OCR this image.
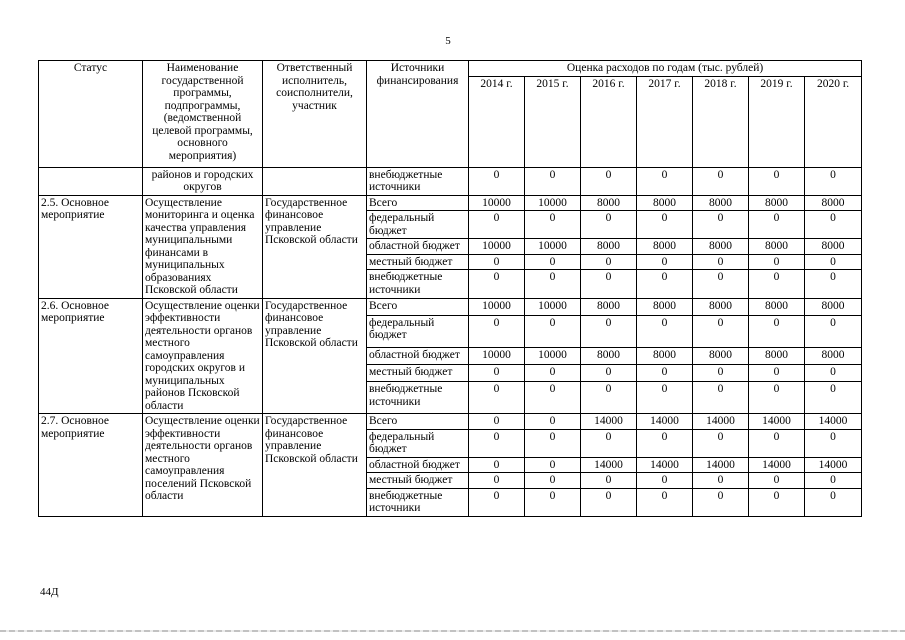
5
Статус	Наименование государственной программы, подпрограммы, (ведомственной целевой программы, основного мероприятия)	Ответственный исполнитель, соисполнители, участник	Источники финансирования	Оценка расходов по годам (тыс. рублей)						
				2014 г.	2015 г.	2016 г.	2017 г.	2018 г.	2019 г.	2020 г.
	районов и городских округов		внебюджетные источники	0	0	0	0	0	0	0
2.5. Основное мероприятие	Осуществление мониторинга и оценка качества управления муниципальными финансами в муниципальных образованиях Псковской области	Государственное финансовое управление Псковской области	Всего	10000	10000	8000	8000	8000	8000	8000
			федеральный бюджет	0	0	0	0	0	0	0
			областной бюджет	10000	10000	8000	8000	8000	8000	8000
			местный бюджет	0	0	0	0	0	0	0
			внебюджетные источники	0	0	0	0	0	0	0
2.6. Основное мероприятие	Осуществление оценки эффективности деятельности органов местного самоуправления городских округов и муниципальных районов Псковской области	Государственное финансовое управление Псковской области	Всего	10000	10000	8000	8000	8000	8000	8000
			федеральный бюджет	0	0	0	0	0	0	0
			областной бюджет	10000	10000	8000	8000	8000	8000	8000
			местный бюджет	0	0	0	0	0	0	0
			внебюджетные источники	0	0	0	0	0	0	0
2.7. Основное мероприятие	Осуществление оценки эффективности деятельности органов местного самоуправления поселений Псковской области	Государственное финансовое управление Псковской области	Всего	0	0	14000	14000	14000	14000	14000
			федеральный бюджет	0	0	0	0	0	0	0
			областной бюджет	0	0	14000	14000	14000	14000	14000
			местный бюджет	0	0	0	0	0	0	0
			внебюджетные источники	0	0	0	0	0	0	0
44Д
